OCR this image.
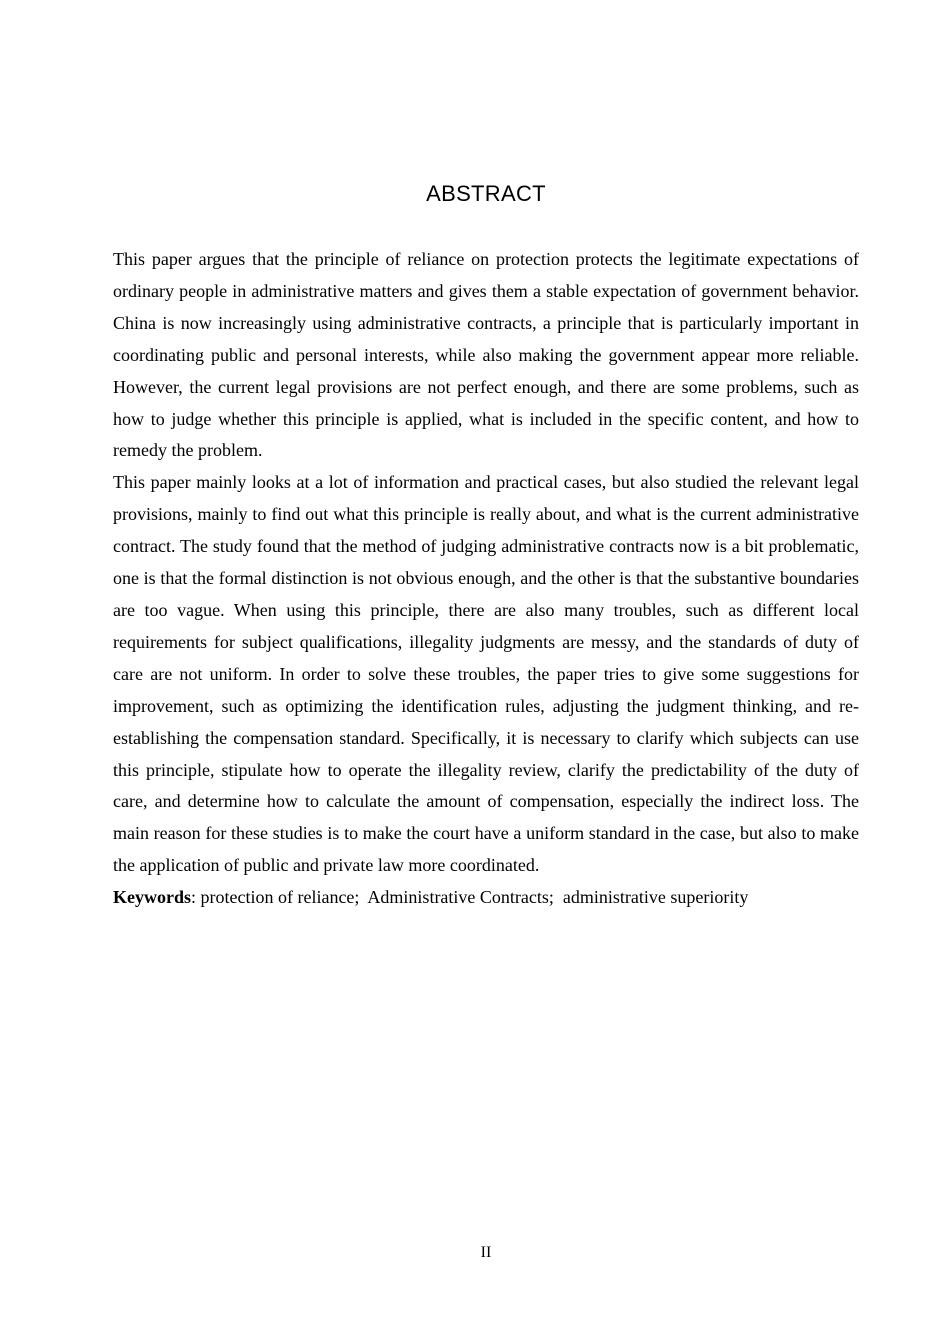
ABSTRACT

This paper argues that the principle of reliance on protection protects the legitimate expectations of ordinary people in administrative matters and gives them a stable expectation of government behavior. China is now increasingly using administrative contracts, a principle that is particularly important in coordinating public and personal interests, while also making the government appear more reliable. However, the current legal provisions are not perfect enough, and there are some problems, such as how to judge whether this principle is applied, what is included in the specific content, and how to remedy the problem.

This paper mainly looks at a lot of information and practical cases, but also studied the relevant legal provisions, mainly to find out what this principle is really about, and what is the current administrative contract. The study found that the method of judging administrative contracts now is a bit problematic, one is that the formal distinction is not obvious enough, and the other is that the substantive boundaries are too vague. When using this principle, there are also many troubles, such as different local requirements for subject qualifications, illegality judgments are messy, and the standards of duty of care are not uniform. In order to solve these troubles, the paper tries to give some suggestions for improvement, such as optimizing the identification rules, adjusting the judgment thinking, and re-establishing the compensation standard. Specifically, it is necessary to clarify which subjects can use this principle, stipulate how to operate the illegality review, clarify the predictability of the duty of care, and determine how to calculate the amount of compensation, especially the indirect loss. The main reason for these studies is to make the court have a uniform standard in the case, but also to make the application of public and private law more coordinated.

Keywords: protection of reliance;  Administrative Contracts;  administrative superiority

II
